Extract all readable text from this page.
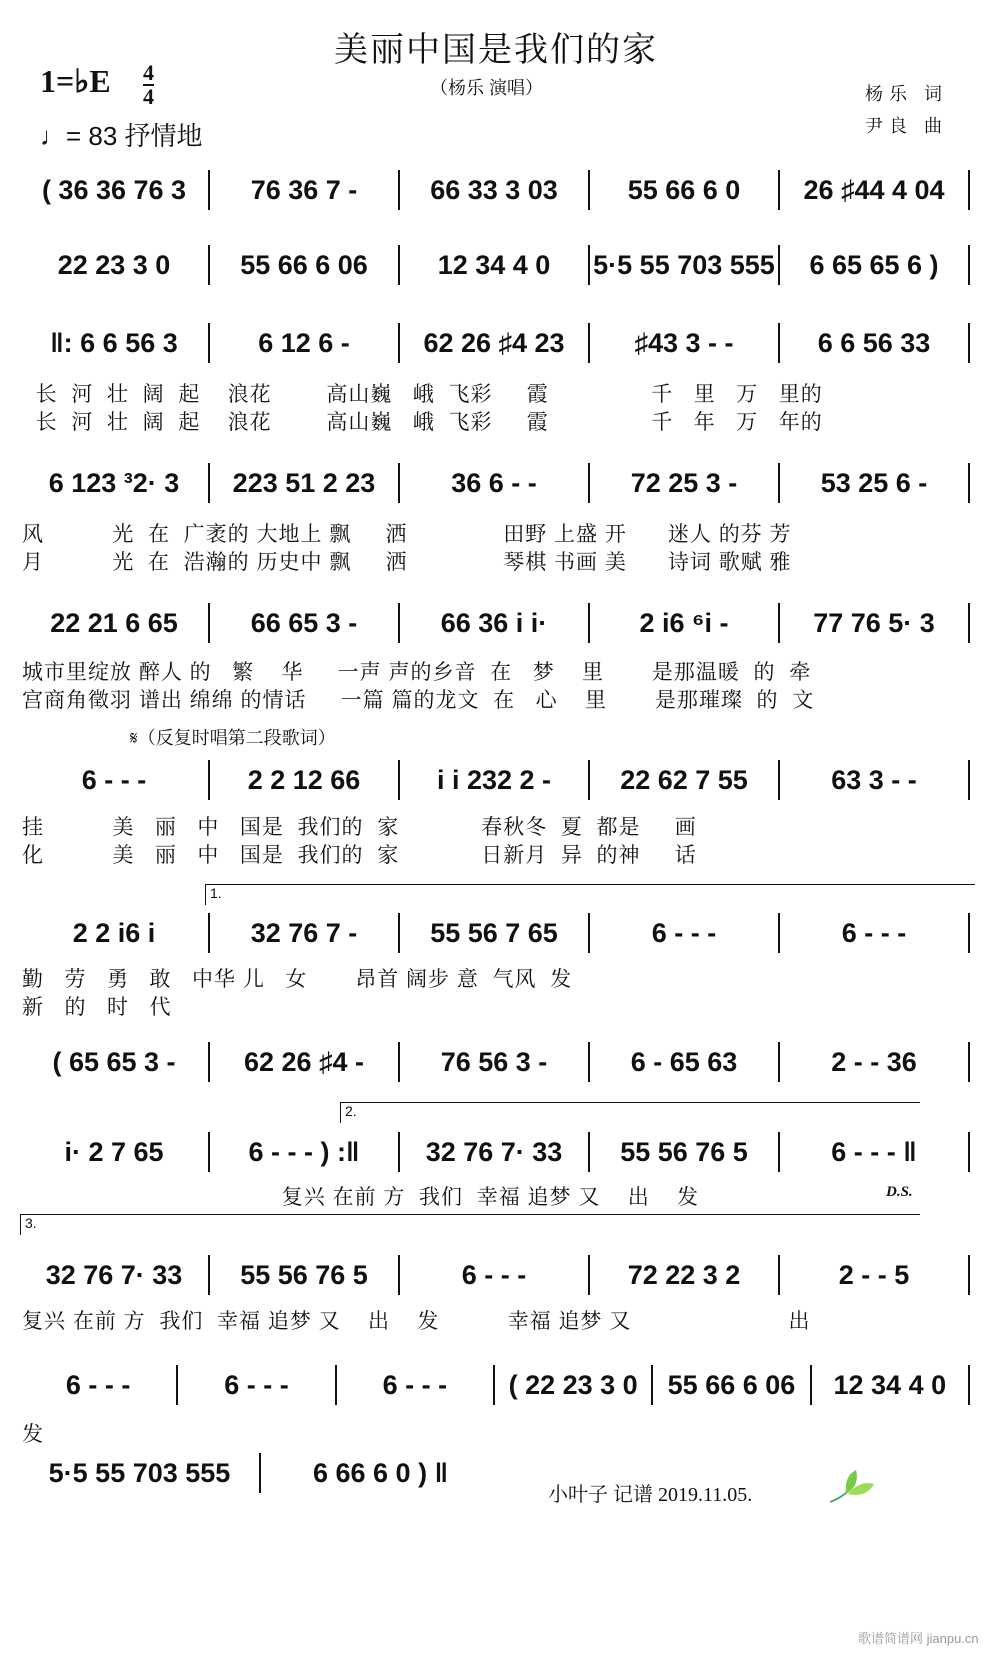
美丽中国是我们的家
1=♭E 4
4
♩= 83 抒情地
（杨乐 演唱）	杨乐 词
尹良 曲
𝄋（反复时唱第二段歌词）
1.
2.
3.
D.S.
( 36 36 76 3	76 36 7 -	66 33 3 03	55 66 6 0	26 ♯44 4 04
22 23 3 0	55 66 6 06	12 34 4 0	5·5 55 703 555	6 65 65 6 )
‖: 6 6 56 3	6 12 6 -	62 26 ♯4 23	♯43 3 - -	6 6 56 33
长  河  壮  阔  起    浪花        高山巍   峨  飞彩     霞               千   里   万   里的
长  河  壮  阔  起    浪花        高山巍   峨  飞彩     霞               千   年   万   年的
6 123 ³2· 3	223 51 2 23	36 6 - -	72 25 3 -	53 25 6 -
风          光  在  广袤的 大地上 飘     洒              田野 上盛 开      迷人 的芬 芳
月          光  在  浩瀚的 历史中 飘     洒              琴棋 书画 美      诗词 歌赋 雅
22 21 6 65	66 65 3 -	66 36 i i·	2 i6 ⁶i -	77 76 5· 3
城市里绽放 醉人 的   繁    华     一声 声的乡音  在   梦    里       是那温暖  的  牵
宫商角徵羽 谱出 绵绵 的情话     一篇 篇的龙文  在   心    里       是那璀璨  的  文
6 - - -	2 2 12 66	i i 232 2 -	22 62 7 55	63 3 - -
挂          美   丽   中   国是  我们的  家            春秋冬  夏  都是     画
化          美   丽   中   国是  我们的  家            日新月  异  的神     话
2 2 i6 i	32 76 7 -	55 56 7 65	6 - - -	6 - - -
勤   劳   勇   敢   中华 儿   女       昂首 阔步 意  气风  发
新   的   时   代
( 65 65 3 -	62 26 ♯4 -	76 56 3 -	6 - 65 63	2 - - 36
i· 2 7 65	6 - - - ) :‖	32 76 7· 33	55 56 76 5	6 - - - ‖
复兴 在前 方  我们  幸福 追梦 又    出    发
32 76 7· 33	55 56 76 5	6 - - -	72 22 3 2	2 - - 5
复兴 在前 方  我们  幸福 追梦 又    出    发          幸福 追梦 又                       出
6 - - -	6 - - -	6 - - -	( 22 23 3 0	55 66 6 06	12 34 4 0
发
5·5 55 703 555	6 66 6 0 ) ‖
小叶子 记谱 2019.11.05.
歌谱简谱网 jianpu.cn
